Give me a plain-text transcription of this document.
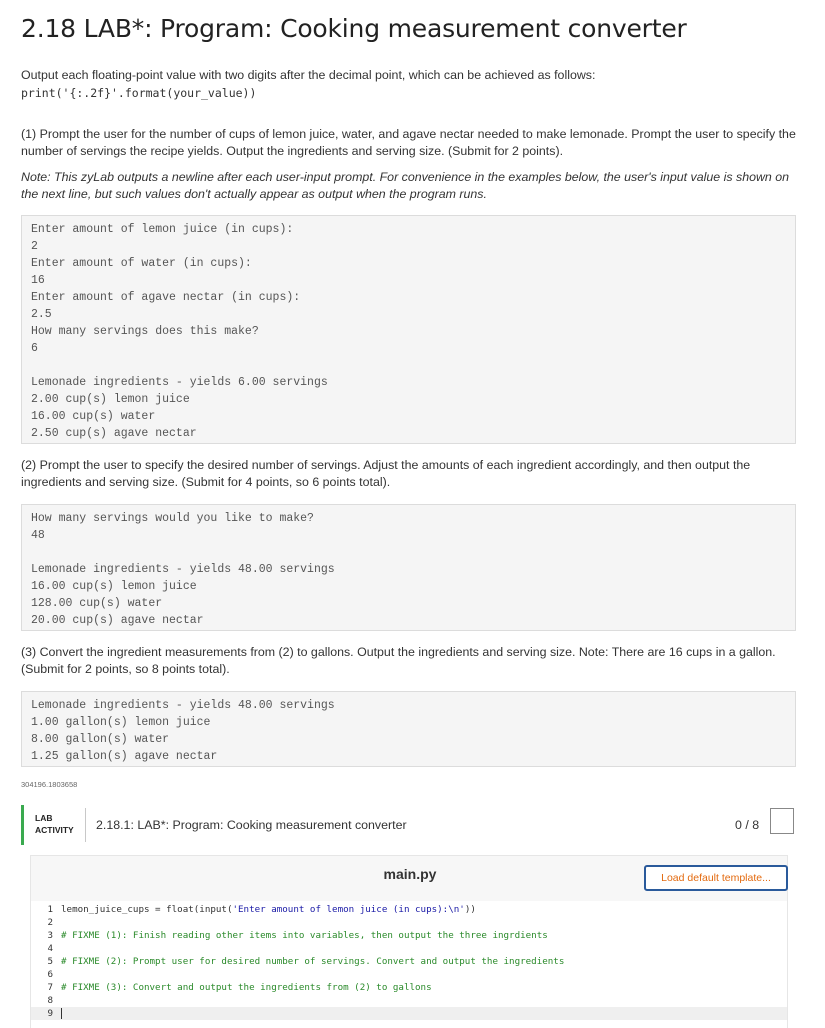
2.18 LAB*: Program: Cooking measurement converter

Output each floating-point value with two digits after the decimal point, which can be achieved as follows:

print('{:.2f}'.format(your_value))

(1) Prompt the user for the number of cups of lemon juice, water, and agave nectar needed to make lemonade. Prompt the user to specify the number of servings the recipe yields. Output the ingredients and serving size. (Submit for 2 points).

Note: This zyLab outputs a newline after each user-input prompt. For convenience in the examples below, the user's input value is shown on the next line, but such values don't actually appear as output when the program runs.

Enter amount of lemon juice (in cups):
2
Enter amount of water (in cups):
16
Enter amount of agave nectar (in cups):
2.5
How many servings does this make?
6
Lemonade ingredients - yields 6.00 servings
2.00 cup(s) lemon juice
16.00 cup(s) water
2.50 cup(s) agave nectar

(2) Prompt the user to specify the desired number of servings. Adjust the amounts of each ingredient accordingly, and then output the ingredients and serving size. (Submit for 4 points, so 6 points total).

How many servings would you like to make?
48
Lemonade ingredients - yields 48.00 servings
16.00 cup(s) lemon juice
128.00 cup(s) water
20.00 cup(s) agave nectar

(3) Convert the ingredient measurements from (2) to gallons. Output the ingredients and serving size. Note: There are 16 cups in a gallon. (Submit for 2 points, so 8 points total).

Lemonade ingredients - yields 48.00 servings
1.00 gallon(s) lemon juice
8.00 gallon(s) water
1.25 gallon(s) agave nectar
304196.1803658
LAB
ACTIVITY 2.18.1: LAB*: Program: Cooking measurement converter	0 / 8
main.py	Load default template...
1 lemon_juice_cups = float(input('Enter amount of lemon juice (in cups):\n'))
2
3 # FIXME (1): Finish reading other items into variables, then output the three ingrdients
4
5 # FIXME (2): Prompt user for desired number of servings. Convert and output the ingredients
6
7 # FIXME (3): Convert and output the ingredients from (2) to gallons
8
9
